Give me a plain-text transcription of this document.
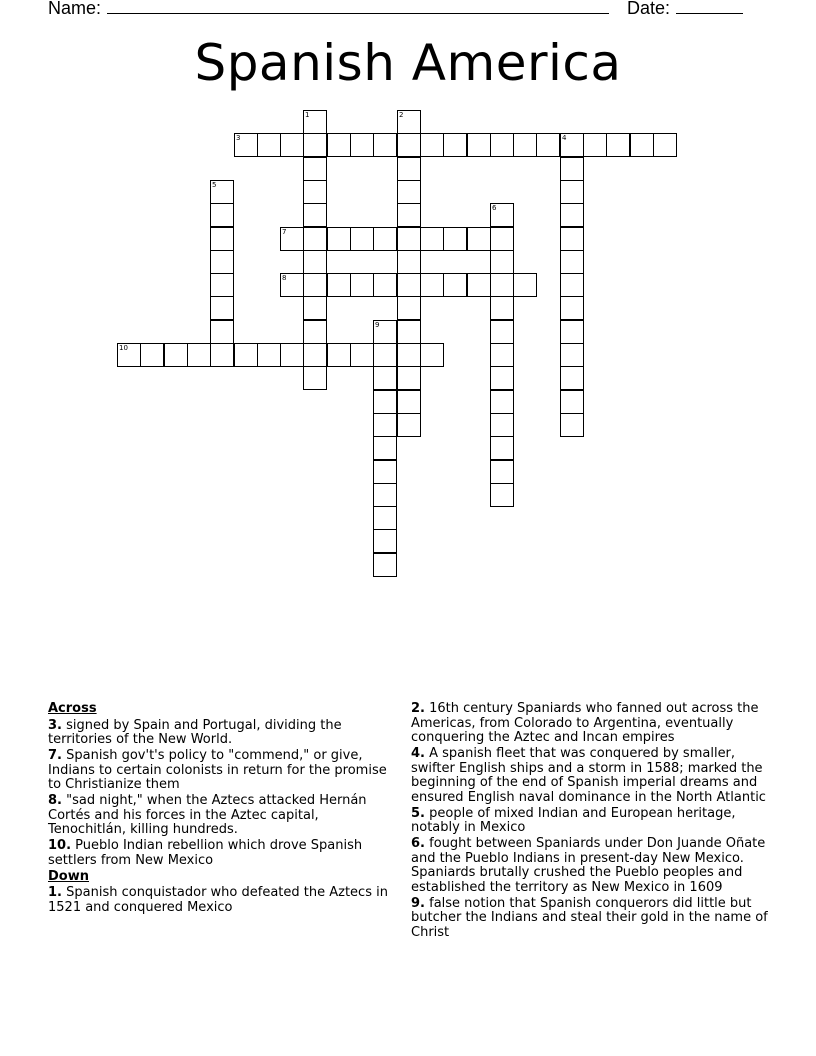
Name:	Date:
Spanish America
1	2
3	4
5
6
7
8
9
10
Across
3. signed by Spain and Portugal, dividing the territories of the New World.
7. Spanish gov't's policy to "commend," or give, Indians to certain colonists in return for the promise to Christianize them
8. "sad night," when the Aztecs attacked Hernán Cortés and his forces in the Aztec capital, Tenochitlán, killing hundreds.
10. Pueblo Indian rebellion which drove Spanish settlers from New Mexico
Down
1. Spanish conquistador who defeated the Aztecs in 1521 and conquered Mexico
2. 16th century Spaniards who fanned out across the Americas, from Colorado to Argentina, eventually conquering the Aztec and Incan empires
4. A spanish fleet that was conquered by smaller, swifter English ships and a storm in 1588; marked the beginning of the end of Spanish imperial dreams and ensured English naval dominance in the North Atlantic
5. people of mixed Indian and European heritage, notably in Mexico
6. fought between Spaniards under Don Juande Oñate and the Pueblo Indians in present-day New Mexico. Spaniards brutally crushed the Pueblo peoples and established the territory as New Mexico in 1609
9. false notion that Spanish conquerors did little but butcher the Indians and steal their gold in the name of Christ
